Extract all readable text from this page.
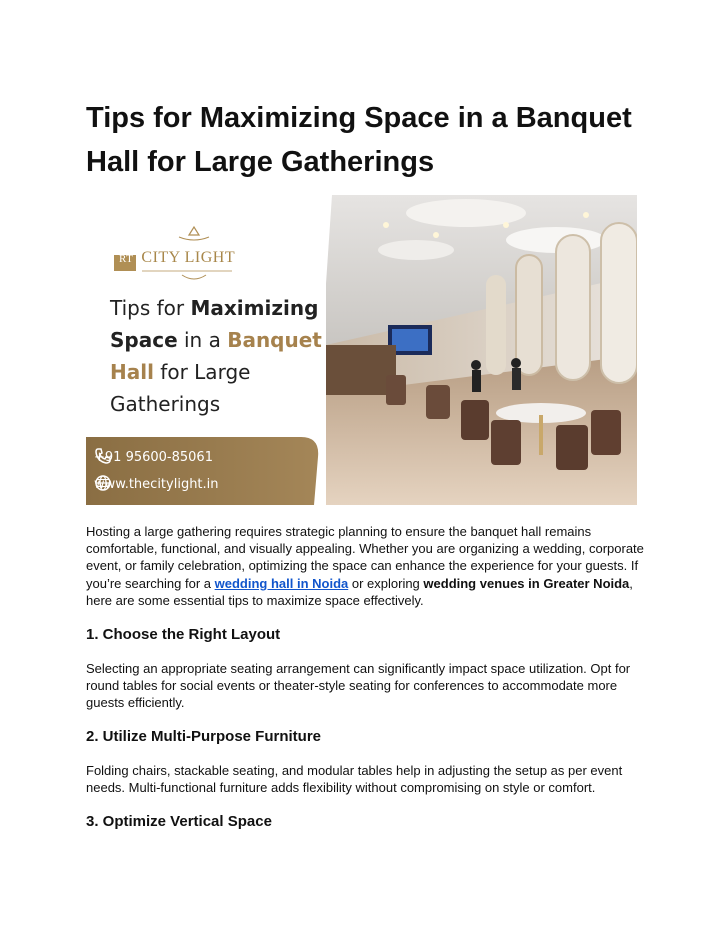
Tips for Maximizing Space in a Banquet Hall for Large Gatherings
RT CITY LIGHT
Tips for Maximizing
Space in a Banquet
Hall for Large
Gatherings
+91 95600-85061
www.thecitylight.in

Hosting a large gathering requires strategic planning to ensure the banquet hall remains comfortable, functional, and visually appealing. Whether you are organizing a wedding, corporate event, or family celebration, optimizing the space can enhance the experience for your guests. If you’re searching for a wedding hall in Noida or exploring wedding venues in Greater Noida, here are some essential tips to maximize space effectively.

1. Choose the Right Layout

Selecting an appropriate seating arrangement can significantly impact space utilization. Opt for round tables for social events or theater-style seating for conferences to accommodate more guests efficiently.

2. Utilize Multi-Purpose Furniture

Folding chairs, stackable seating, and modular tables help in adjusting the setup as per event needs. Multi-functional furniture adds flexibility without compromising on style or comfort.

3. Optimize Vertical Space
